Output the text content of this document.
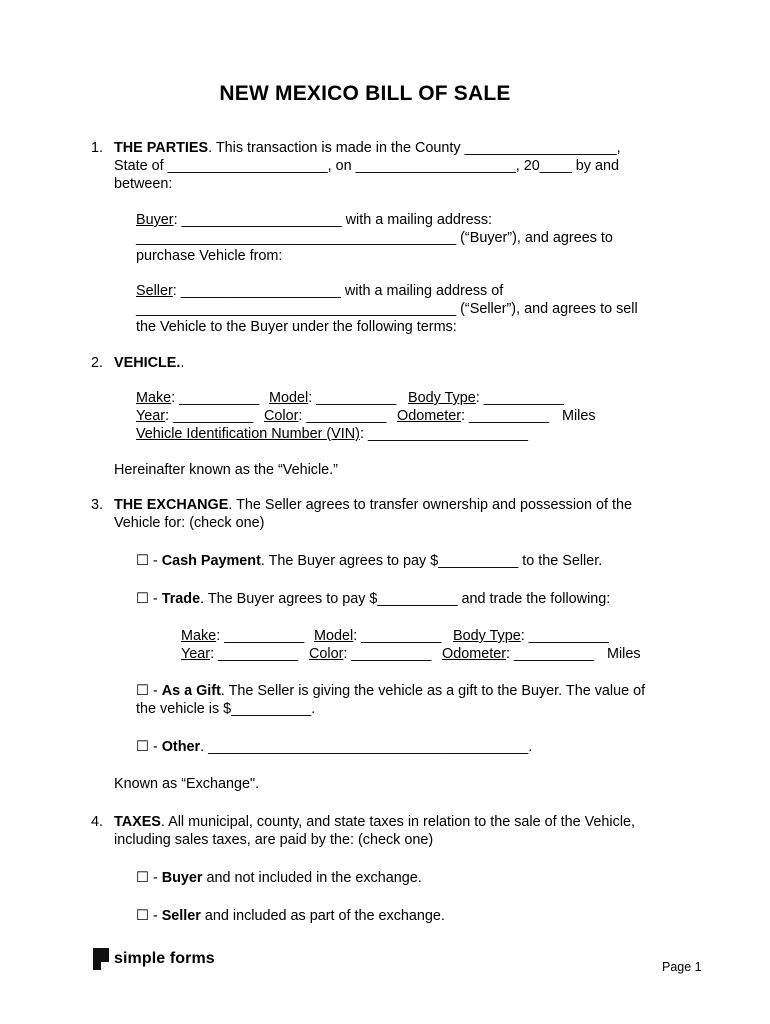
NEW MEXICO BILL OF SALE
1. THE PARTIES. This transaction is made in the County ___________________,
State of ____________________, on ____________________, 20____ by and
between:
Buyer: ____________________ with a mailing address:
________________________________________ (“Buyer”), and agrees to
purchase Vehicle from:
Seller: ____________________ with a mailing address of
________________________________________ (“Seller”), and agrees to sell
the Vehicle to the Buyer under the following terms:
2. VEHICLE..
Make: __________ Model: __________ Body Type: __________
Year: __________ Color: __________ Odometer: __________ Miles
Vehicle Identification Number (VIN): ____________________
Hereinafter known as the “Vehicle.”
3. THE EXCHANGE. The Seller agrees to transfer ownership and possession of the
Vehicle for: (check one)
☐ - Cash Payment. The Buyer agrees to pay $__________ to the Seller.
☐ - Trade. The Buyer agrees to pay $__________ and trade the following:
Make: __________ Model: __________ Body Type: __________
Year: __________ Color: __________ Odometer: __________ Miles
☐ - As a Gift. The Seller is giving the vehicle as a gift to the Buyer. The value of
the vehicle is $__________.
☐ - Other. ________________________________________.
Known as “Exchange".
4. TAXES. All municipal, county, and state taxes in relation to the sale of the Vehicle,
including sales taxes, are paid by the: (check one)
☐ - Buyer and not included in the exchange.
☐ - Seller and included as part of the exchange.
simple forms	Page 1
